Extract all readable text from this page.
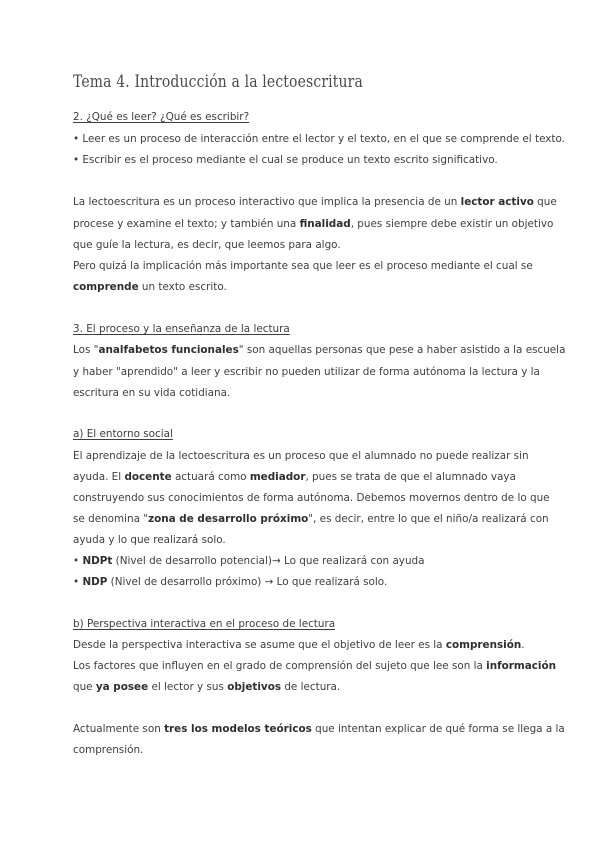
Tema 4. Introducción a la lectoescritura
2. ¿Qué es leer? ¿Qué es escribir?
• Leer es un proceso de interacción entre el lector y el texto, en el que se comprende el texto.
• Escribir es el proceso mediante el cual se produce un texto escrito significativo.
La lectoescritura es un proceso interactivo que implica la presencia de un lector activo que
procese y examine el texto; y también una finalidad, pues siempre debe existir un objetivo
que guíe la lectura, es decir, que leemos para algo.
Pero quizá la implicación más importante sea que leer es el proceso mediante el cual se
comprende un texto escrito.
3. El proceso y la enseñanza de la lectura
Los "analfabetos funcionales" son aquellas personas que pese a haber asistido a la escuela
y haber "aprendido" a leer y escribir no pueden utilizar de forma autónoma la lectura y la
escritura en su vida cotidiana.
a) El entorno social
El aprendizaje de la lectoescritura es un proceso que el alumnado no puede realizar sin
ayuda. El docente actuará como mediador, pues se trata de que el alumnado vaya
construyendo sus conocimientos de forma autónoma. Debemos movernos dentro de lo que
se denomina "zona de desarrollo próximo", es decir, entre lo que el niño/a realizará con
ayuda y lo que realizará solo.
• NDPt (Nivel de desarrollo potencial)→ Lo que realizará con ayuda
• NDP (Nivel de desarrollo próximo) → Lo que realizará solo.
b) Perspectiva interactiva en el proceso de lectura
Desde la perspectiva interactiva se asume que el objetivo de leer es la comprensión.
Los factores que influyen en el grado de comprensión del sujeto que lee son la información
que ya posee el lector y sus objetivos de lectura.
Actualmente son tres los modelos teóricos que intentan explicar de qué forma se llega a la
comprensión.
